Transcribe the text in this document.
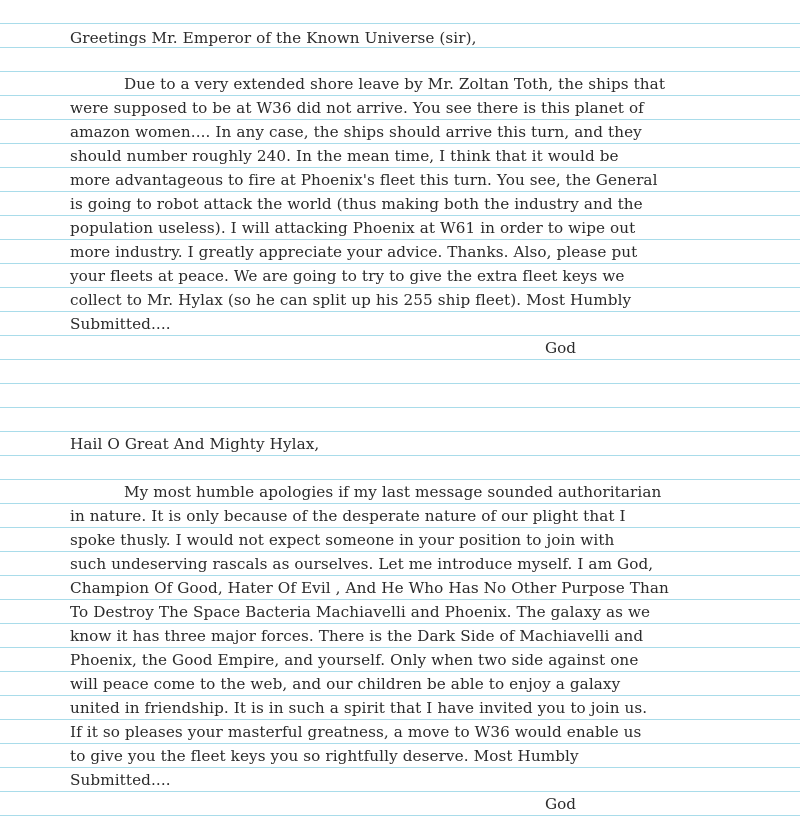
Greetings Mr. Emperor of the Known Universe (sir),
Due to a very extended shore leave by Mr. Zoltan Toth, the ships that
were supposed to be at W36 did not arrive. You see there is this planet of
amazon women.... In any case, the ships should arrive this turn, and they
should number roughly 240. In the mean time, I think that it would be
more advantageous to fire at Phoenix's fleet this turn. You see, the General
is going to robot attack the world (thus making both the industry and the
population useless). I will attacking Phoenix at W61 in order to wipe out
more industry. I greatly appreciate your advice. Thanks. Also, please put
your fleets at peace. We are going to try to give the extra fleet keys we
collect to Mr. Hylax (so he can split up his 255 ship fleet). Most Humbly
Submitted....
God
Hail O Great And Mighty Hylax,
My most humble apologies if my last message sounded authoritarian
in nature. It is only because of the desperate nature of our plight that I
spoke thusly. I would not expect someone in your position to join with
such undeserving rascals as ourselves. Let me introduce myself. I am God,
Champion Of Good, Hater Of Evil , And He Who Has No Other Purpose Than
To Destroy The Space Bacteria Machiavelli and Phoenix. The galaxy as we
know it has three major forces. There is the Dark Side of Machiavelli and
Phoenix, the Good Empire, and yourself. Only when two side against one
will peace come to the web, and our children be able to enjoy a galaxy
united in friendship. It is in such a spirit that I have invited you to join us.
If it so pleases your masterful greatness, a move to W36 would enable us
to give you the fleet keys you so rightfully deserve. Most Humbly
Submitted....
God
